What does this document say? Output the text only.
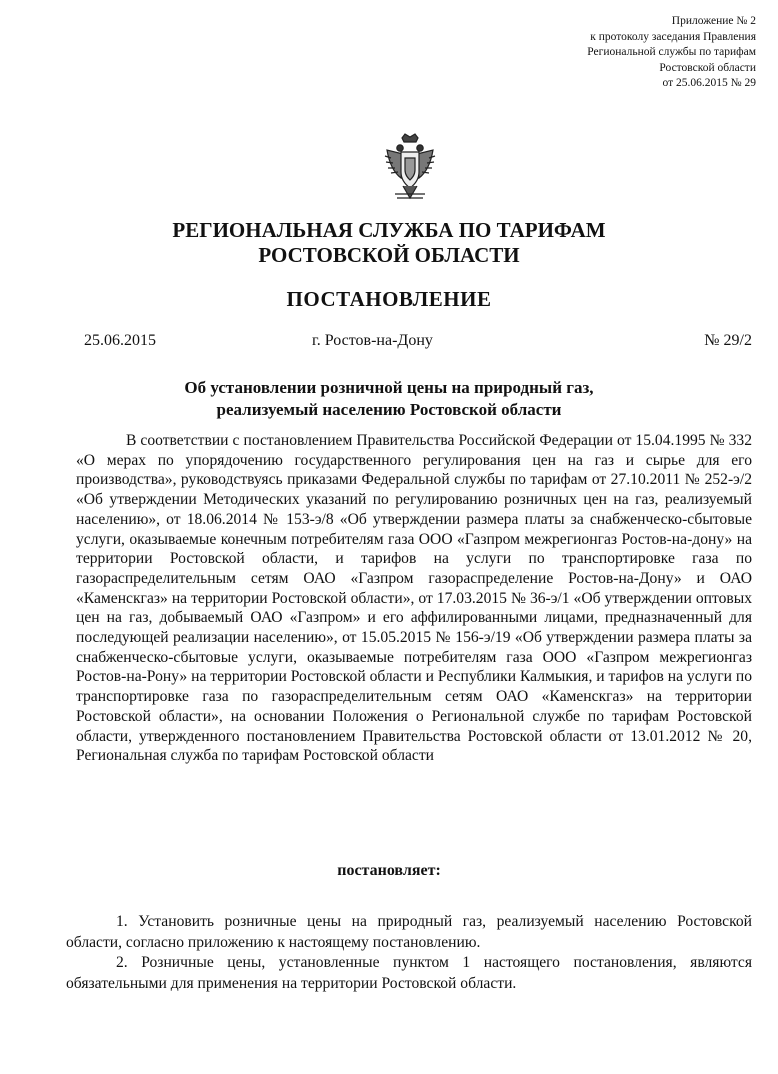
Приложение № 2
к протоколу заседания Правления
Региональной службы по тарифам
Ростовской области
от 25.06.2015 № 29
РЕГИОНАЛЬНАЯ СЛУЖБА ПО ТАРИФАМ
РОСТОВСКОЙ ОБЛАСТИ
ПОСТАНОВЛЕНИЕ
25.06.2015	г. Ростов-на-Дону	№ 29/2
Об установлении розничной цены на природный газ,
реализуемый населению Ростовской области

В соответствии с постановлением Правительства Российской Федерации от 15.04.1995 № 332 «О мерах по упорядочению государственного регулирования цен на газ и сырье для его производства», руководствуясь приказами Федеральной службы по тарифам от 27.10.2011 № 252-э/2 «Об утверждении Методических указаний по регулированию розничных цен на газ, реализуемый населению», от 18.06.2014 № 153-э/8 «Об утверждении размера платы за снабженческо-сбытовые услуги, оказываемые конечным потребителям газа ООО «Газпром межрегионгаз Ростов-на-дону» на территории Ростовской области, и тарифов на услуги по транспортировке газа по газораспределительным сетям ОАО «Газпром газораспределение Ростов-на-Дону» и ОАО «Каменскгаз» на территории Ростовской области», от 17.03.2015 № 36-э/1 «Об утверждении оптовых цен на газ, добываемый ОАО «Газпром» и его аффилированными лицами, предназначенный для последующей реализации населению», от 15.05.2015 № 156-э/19 «Об утверждении размера платы за снабженческо-сбытовые услуги, оказываемые потребителям газа ООО «Газпром межрегионгаз Ростов-на-Рону» на территории Ростовской области и Республики Калмыкия, и тарифов на услуги по транспортировке газа по газораспределительным сетям ОАО «Каменскгаз» на территории Ростовской области», на основании Положения о Региональной службе по тарифам Ростовской области, утвержденного постановлением Правительства Ростовской области от 13.01.2012 № 20, Региональная служба по тарифам Ростовской области

постановляет:

1. Установить розничные цены на природный газ, реализуемый населению Ростовской области, согласно приложению к настоящему постановлению.

2. Розничные цены, установленные пунктом 1 настоящего постановления, являются обязательными для применения на территории Ростовской области.
